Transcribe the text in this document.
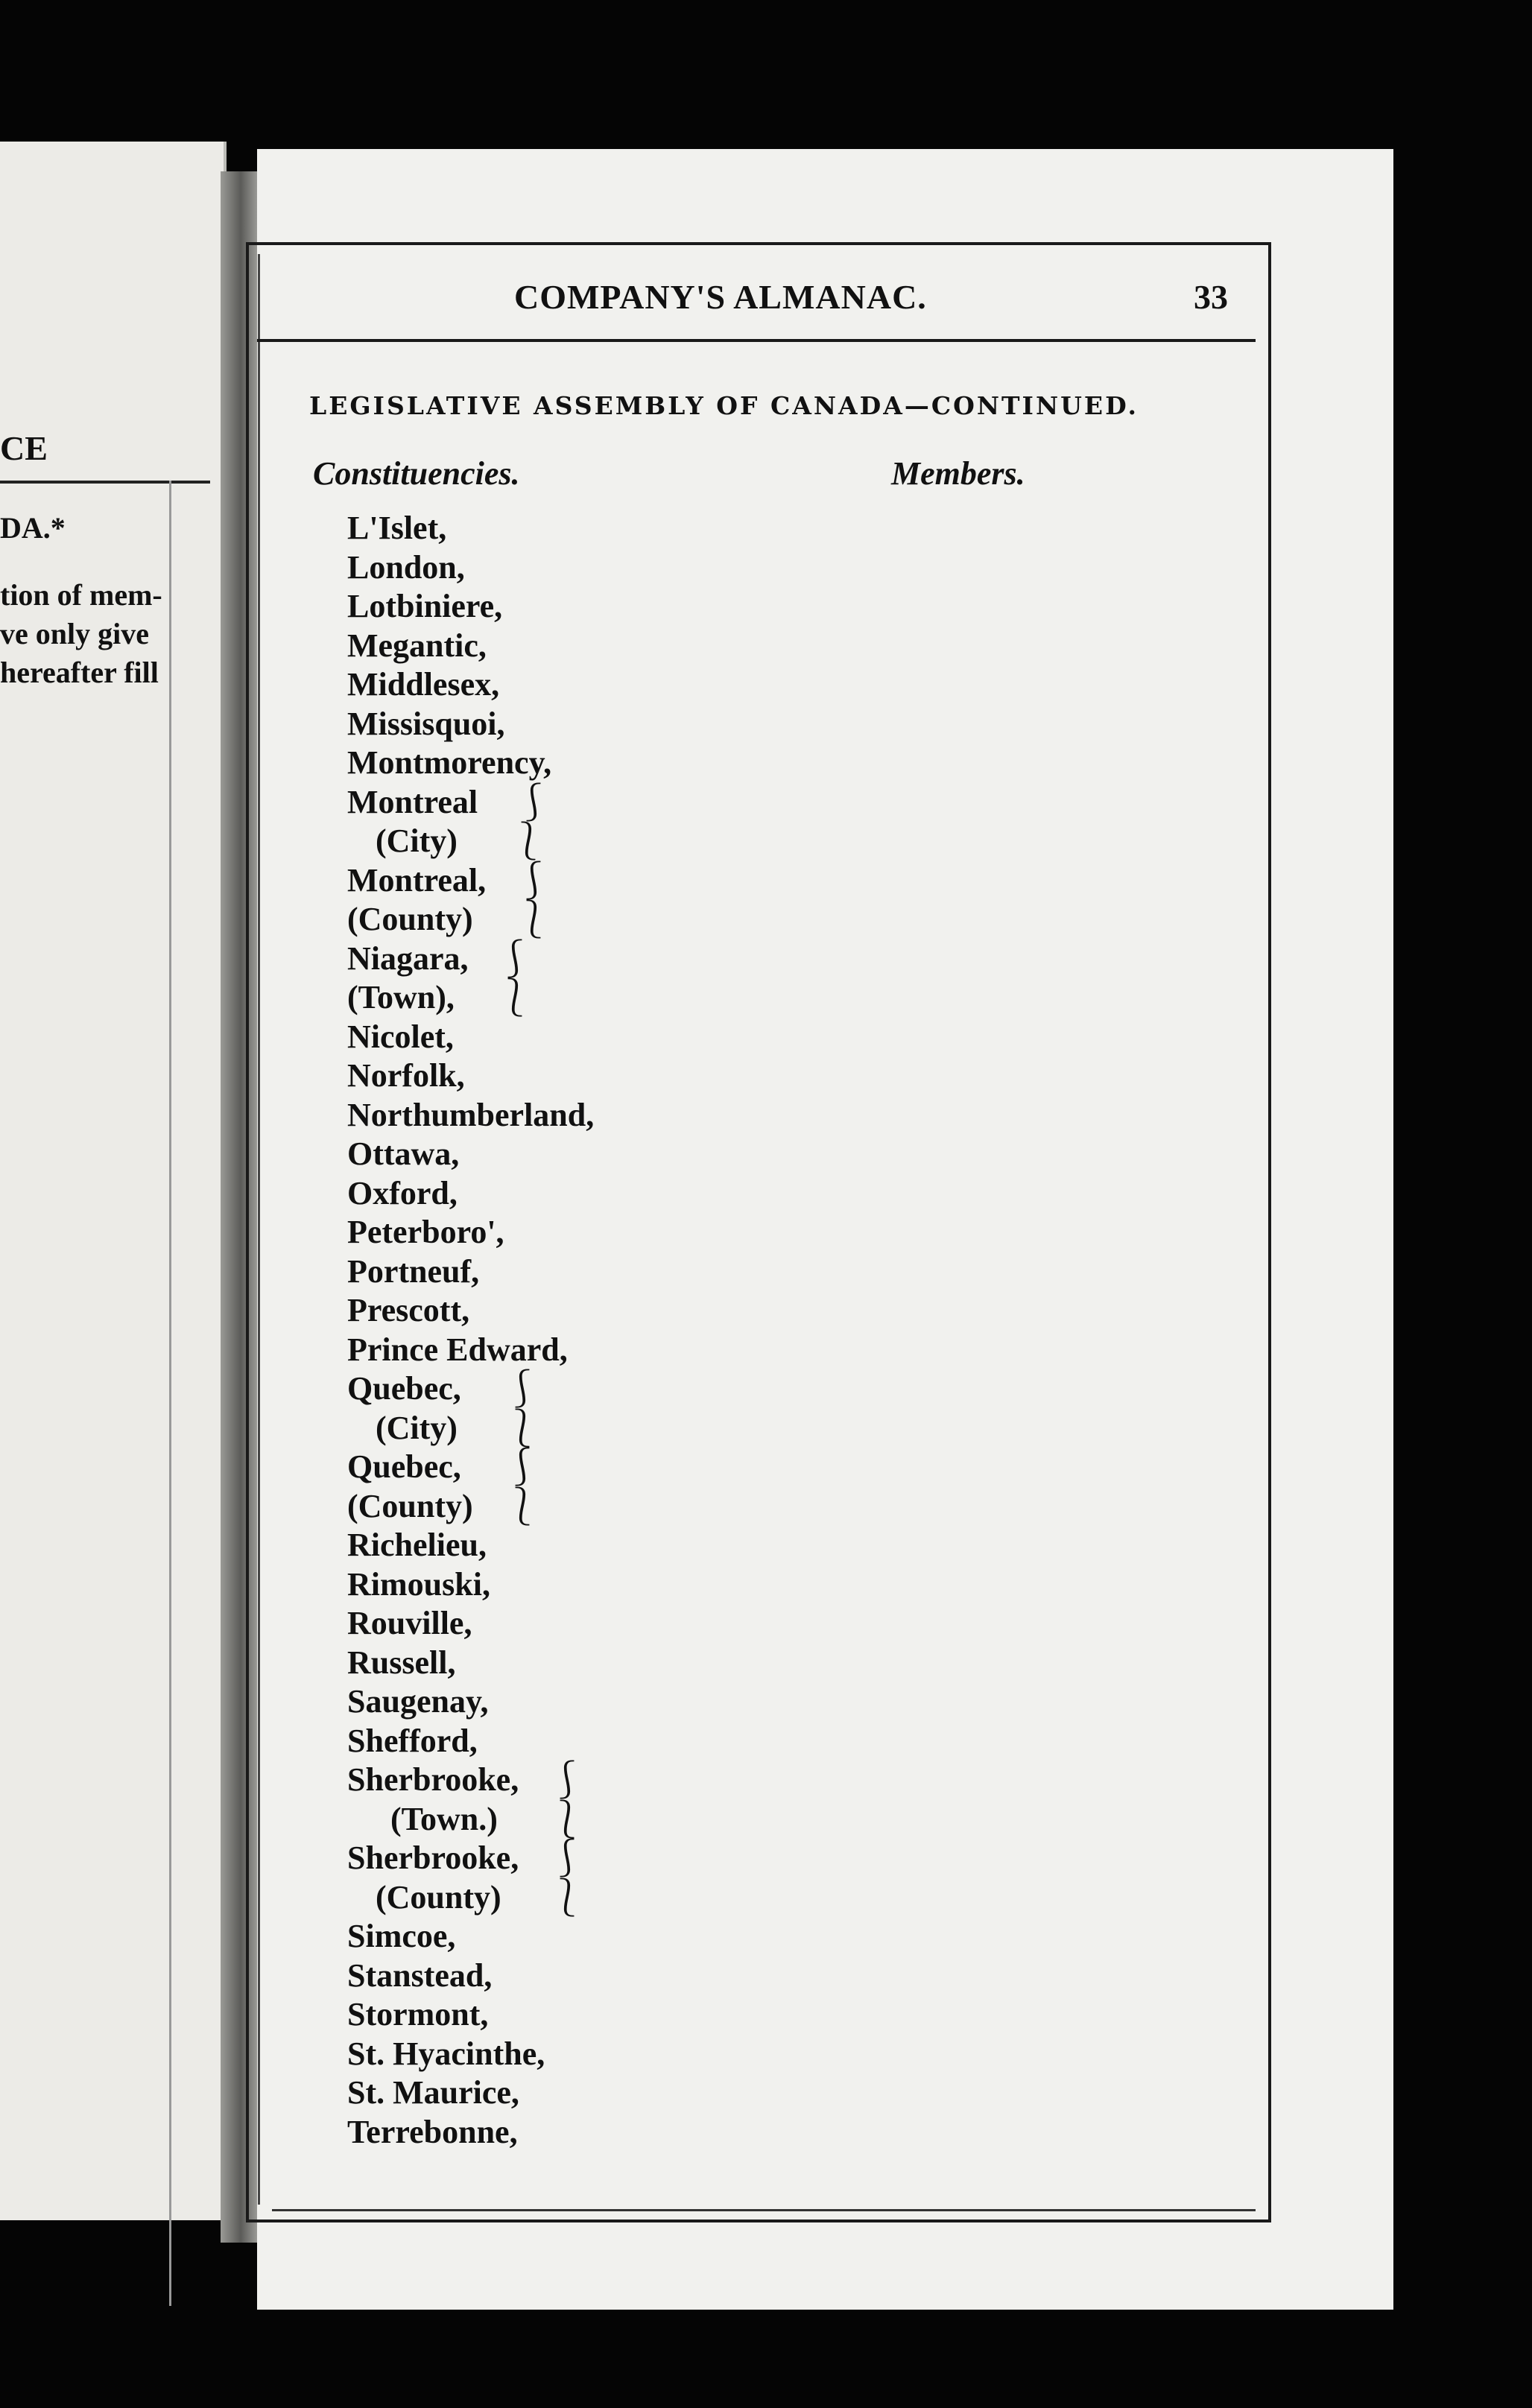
CE
DA.*
tion of mem-
ve only give
hereafter fill
COMPANY'S ALMANAC.	33
LEGISLATIVE ASSEMBLY OF CANADA—CONTINUED.
Constituencies.	Members.
L'Islet,
London,
Lotbiniere,
Megantic,
Middlesex,
Missisquoi,
Montmorency,
Montreal
(City)
Montreal,
(County)
Niagara,
(Town),
Nicolet,
Norfolk,
Northumberland,
Ottawa,
Oxford,
Peterboro',
Portneuf,
Prescott,
Prince Edward,
Quebec,
(City)
Quebec,
(County)
Richelieu,
Rimouski,
Rouville,
Russell,
Saugenay,
Shefford,
Sherbrooke,
(Town.)
Sherbrooke,
(County)
Simcoe,
Stanstead,
Stormont,
St. Hyacinthe,
St. Maurice,
Terrebonne,
⎰
⎱
⎰
⎱
⎰
⎱
⎰
⎱
⎰
⎱
⎰
⎱
⎰
⎱
